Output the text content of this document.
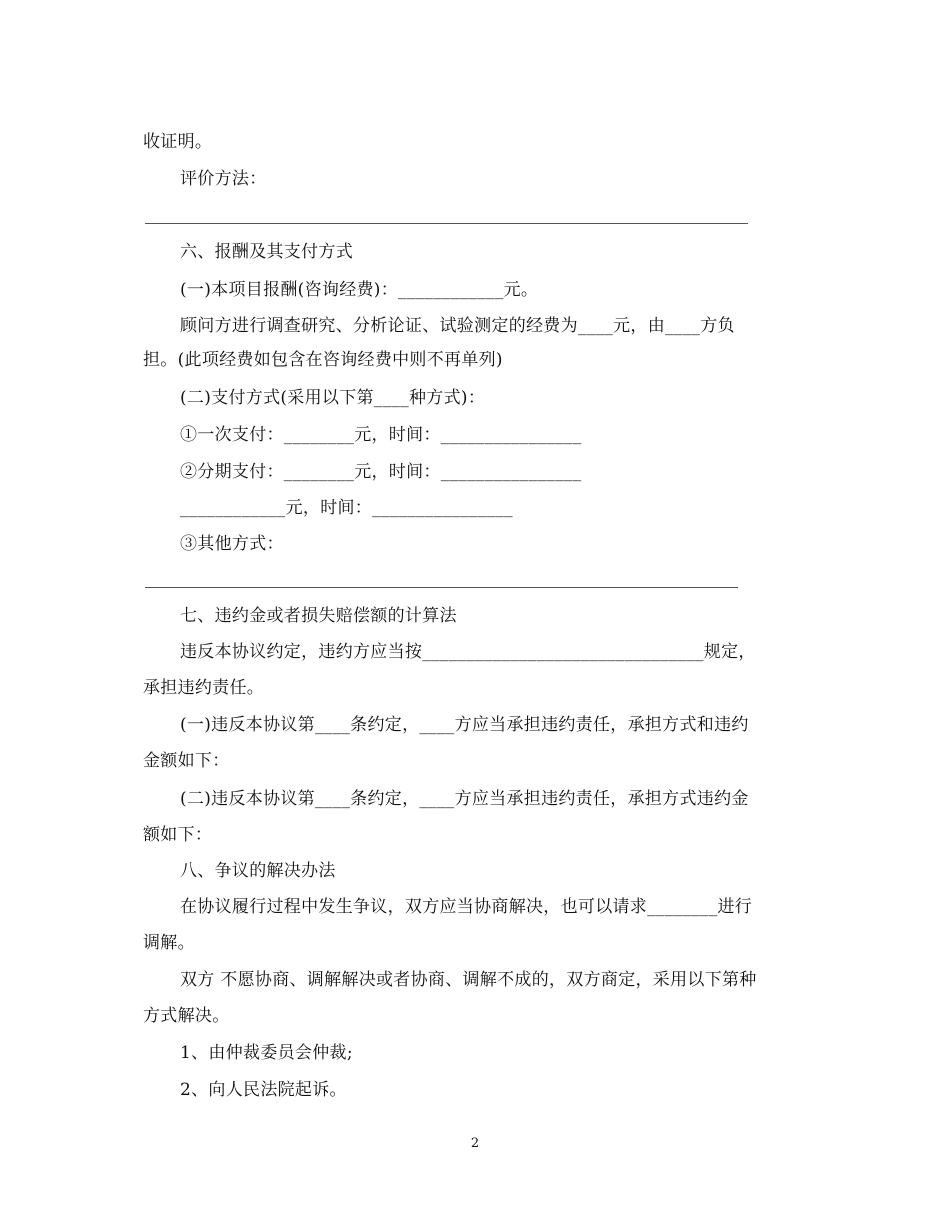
收证明。
评价方法：
六、报酬及其支付方式
(一)本项目报酬(咨询经费)：____________元。
顾问方进行调查研究、分析论证、试验测定的经费为____元，由____方负
担。(此项经费如包含在咨询经费中则不再单列)
(二)支付方式(采用以下第____种方式)：
①一次支付：________元，时间：________________
②分期支付：________元，时间：________________
____________元，时间：________________
③其他方式：
七、违约金或者损失赔偿额的计算法
违反本协议约定，违约方应当按________________________________规定，
承担违约责任。
(一)违反本协议第____条约定，____方应当承担违约责任，承担方式和违约
金额如下：
(二)违反本协议第____条约定，____方应当承担违约责任，承担方式违约金
额如下：
八、争议的解决办法
在协议履行过程中发生争议，双方应当协商解决，也可以请求________进行
调解。
双方 不愿协商、调解解决或者协商、调解不成的，双方商定，采用以下第种
方式解决。
1、由仲裁委员会仲裁;
2、向人民法院起诉。
2
